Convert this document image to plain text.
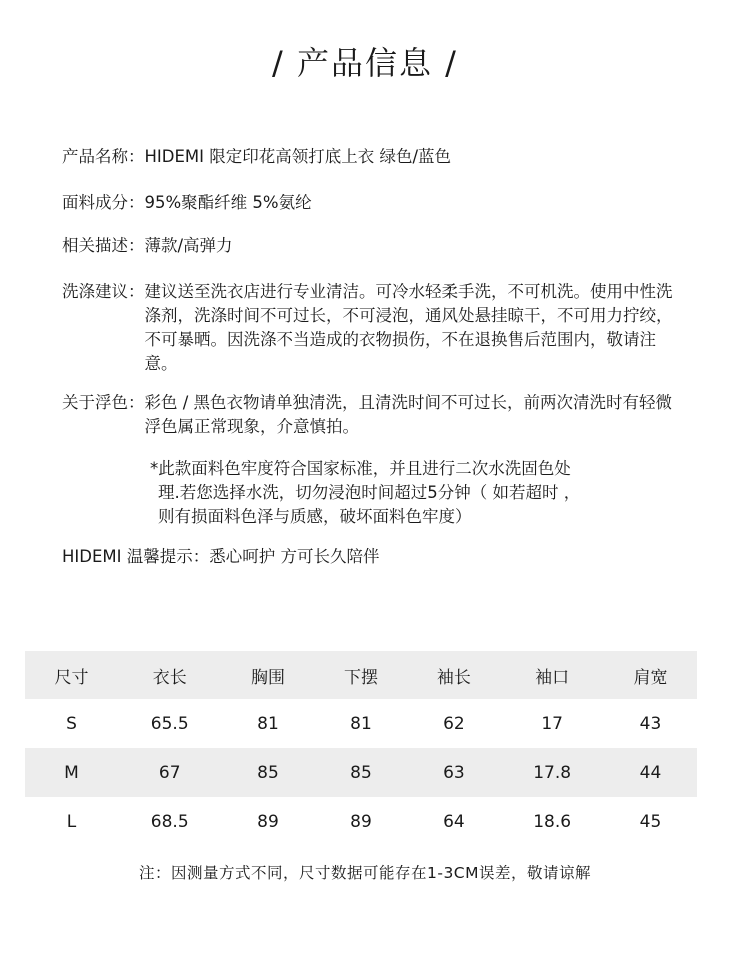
/ 产品信息 /
产品名称： HIDEMI 限定印花高领打底上衣 绿色/蓝色
面料成分： 95%聚酯纤维 5%氨纶
相关描述： 薄款/高弹力
洗涤建议： 建议送至洗衣店进行专业清洁。可冷水轻柔手洗，不可机洗。使用中性洗涤剂，洗涤时间不可过长，不可浸泡，通风处悬挂晾干，不可用力拧绞，不可暴晒。因洗涤不当造成的衣物损伤，不在退换售后范围内，敬请注意。
关于浮色： 彩色 / 黑色衣物请单独清洗，且清洗时间不可过长，前两次清洗时有轻微浮色属正常现象，介意慎拍。
*此款面料色牢度符合国家标准，并且进行二次水洗固色处
理.若您选择水洗，切勿浸泡时间超过5分钟（ 如若超时 ，
则有损面料色泽与质感，破坏面料色牢度）
HIDEMI 温馨提示：悉心呵护 方可长久陪伴
尺寸	衣长	胸围	下摆	袖长	袖口	肩宽
S	65.5	81	81	62	17	43
M	67	85	85	63	17.8	44
L	68.5	89	89	64	18.6	45
注：因测量方式不同，尺寸数据可能存在1-3CM误差，敬请谅解
